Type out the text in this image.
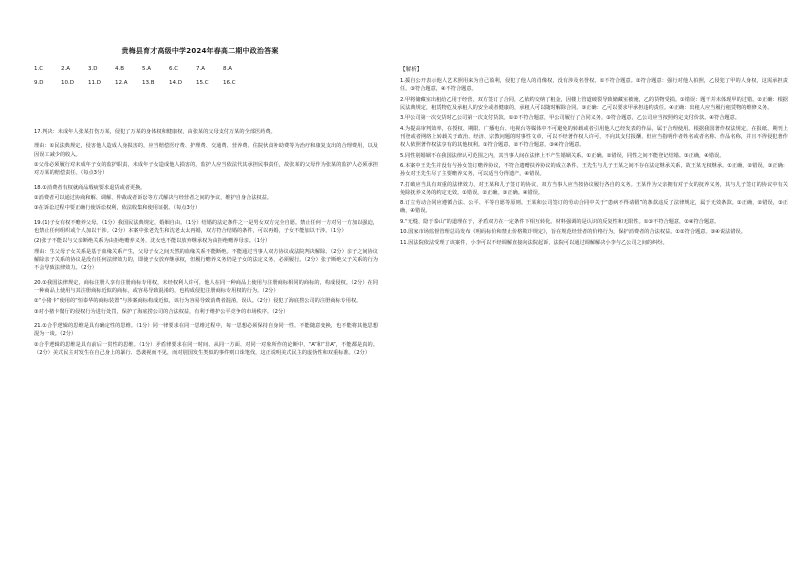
贵梅县育才高级中学2024年春高二期中政治答案
1.C	2.A	3.D	4.B	5.A	6.C	7.A	8.A
9.D	10.D	11.D	12.A	13.B	14.D	15.C	16.C

17.判决：未成年人张某打伤万某，侵犯了万某的身体权和健康权，由张某的父母支付万某的全部医药费。

理由：①民法典规定，侵害他人造成人身损害的，应当赔偿医疗费、护理费、交通费、营养费、住院伙食补助费等为治疗和康复支出的合理费用，以及因误工减少的收入。

②父母必须履行对未成年子女的监护职责，未成年子女造成他人损害的，监护人应当依法代其承担民事责任，故张某的父母作为张某的监护人必须承担对万某的赔偿责任。（每点3分）

18.①消费者有权就商品瑕疵要求退货或者更换。

②消费者可以通过协商和解、调解、仲裁或者诉讼等方式解决与经营者之间的争议，维护自身合法权益。

③在诉讼过程中要正确行使诉讼权利，依法收集和使用证据。（每点3分）

19.(1)子女有权不赡养父母。（1分）我国民法典规定，婚姻自由。（1分）结婚的法定条件之一是男女双方完全自愿。禁止任何一方对另一方加以强迫，也禁止任何组织或个人加以干涉。（2分）本案中张老先生和沈老太太再婚，双方符合结婚的条件，可以再婚，子女不能加以干涉。（1分）

(2)张子不能以与父亲断绝关系为由拒绝赡养义务，沈女也不能以放弃继承权为由拒绝赡养母亲。（1分）

理由：生父母子女关系是基于血缘关系产生，父母子女之间天然的血缘关系不能断绝。不能通过当事人双方协议或法院判决解除。（2分）亲子之间协议解除亲子关系的协议是没有任何法律效力的，即使子女放弃继承权，但履行赡养义务仍是子女的法定义务，必须履行。（2分）张子断绝父子关系的行为不会导致法律效力。（2分）

20.①我国法律规定，商标注册人享有注册商标专用权，未经权利人许可，他人在同一种商品上使用与注册商标相同的商标的，构成侵权。（2分）在同一种商品上使用与其注册商标近似的商标，或容易导致混淆的，也构成侵犯注册商标专用权的行为。（2分）

②“小猪卡”使用的“恒泰华的商标装置”与涉案商标构成近似，该行为容易导致消费者混淆，误认。（2分）侵犯了海底捞公司的注册商标专用权。

③对小猪卡餐厅的侵权行为进行处罚，保护了海底捞公司的合法权益，有利于维护公平竞争的市场秩序。（2分）

21.①合乎逻辑的思维是具有确定性的思维。（1分）同一律要求在同一思维过程中，每一思想必须保持自身同一性，不能随意变换，也不能将其他思想混为一谈。（2分）

②合乎逻辑的思维是具有前后一贯性的思维。（1分）矛盾律要求在同一时间、从同一方面、对同一对象所作的论断中，“A”和“非A”，不能都是真的。（2分）美式民主对发生在自己身上的暴行、恐袭视而不见，而对别国发生类似的事件则口诛笔伐，这正说明美式民主的虚伪性和双重标准。（2分）

【解析】

1.援自公开表示他人艺术照用来为自己盈利，侵犯了他人的肖像权，没有涉及名誉权。①不符合题意。②符合题意：强行对他人拍照，乙侵犯了甲的人身权，这需承担责任。③符合题意，④不符合题意。

2.甲将储藏室出租给乙用于经营，双方签订了合同，乙依约交纳了租金，因楼上管道破裂导致储藏室被淹，乙的货物受损。①错误：题干并未体现甲的过错。②正确：根据民法典规定，租赁物危及承租人的安全或者健康的，承租人可以随时解除合同。③正确：乙可以要求甲承担违约责任。④正确：出租人应当履行租赁物的维修义务。

3.甲公司第一次交货时乙公司第一次支付货款。①②不符合题意，甲公司履行了合同义务。③符合题意，乙公司应当按照约定支付价款。④符合题意。

4.为提高审判效率，在授权、期限、广播电台、电视台等媒体中不可避免的转载或者引用他人已经发表的作品，属于合理使用。根据我国著作权法规定，在报纸、期刊上刊登或者网络上转载关于政治、经济、宗教问题的时事性文章，可以不经著作权人许可，不向其支付报酬，但应当指明作者姓名或者名称、作品名称，并且不得侵犯著作权人依照著作权法享有的其他权利。①符合题意，②不符合题意，③④符合题意。

5.同性别婚姻不在我国法律认可范围之内，其当事人间在法律上不产生婚姻关系。①正确。②错误，同性之间不能登记结婚。③正确，④错误。

6.本案中王先生并没有与孙女签订赡养协议，不符合遗赠扶养协议的成立条件。王先生与儿子王某之间不存在法定继承关系，故王某无权继承。①正确，②错误。③正确：孙女对王先生尽了主要赡养义务，可以适当分得遗产。④错误。

7.打破应当具有双重的法律效力，对王某和儿子签订的协议，双方当事人应当按协议履行各自的义务。王某作为父亲拥有对子女的抚养义务，其与儿子签订的协议中有关免除抚养义务的约定无效。①错误。②正确。③正确。④错误。

8.订立劳动合同应遵循合法、公平、平等自愿等原则。王某和公司签订的劳动合同中关于“患病不得请假”的条款违反了法律规定，属于无效条款。①正确，②错误，③正确，④错误。

9.“无缝、隐于泰山”的道理在于，矛盾双方在一定条件下相互转化。材料强调的是认识的反复性和无限性。①③不符合题意，②④符合题意。

10.国家市场监督管理总局发布《明码标价和禁止价格欺诈规定》，旨在规范经营者的价格行为，保护消费者的合法权益。①②符合题意。③④说法错误。

11.因法院依法受理了该案件，小李可以不经调解直接向法院起诉，法院可以通过调解解决小李与乙公司之间的纠纷。
